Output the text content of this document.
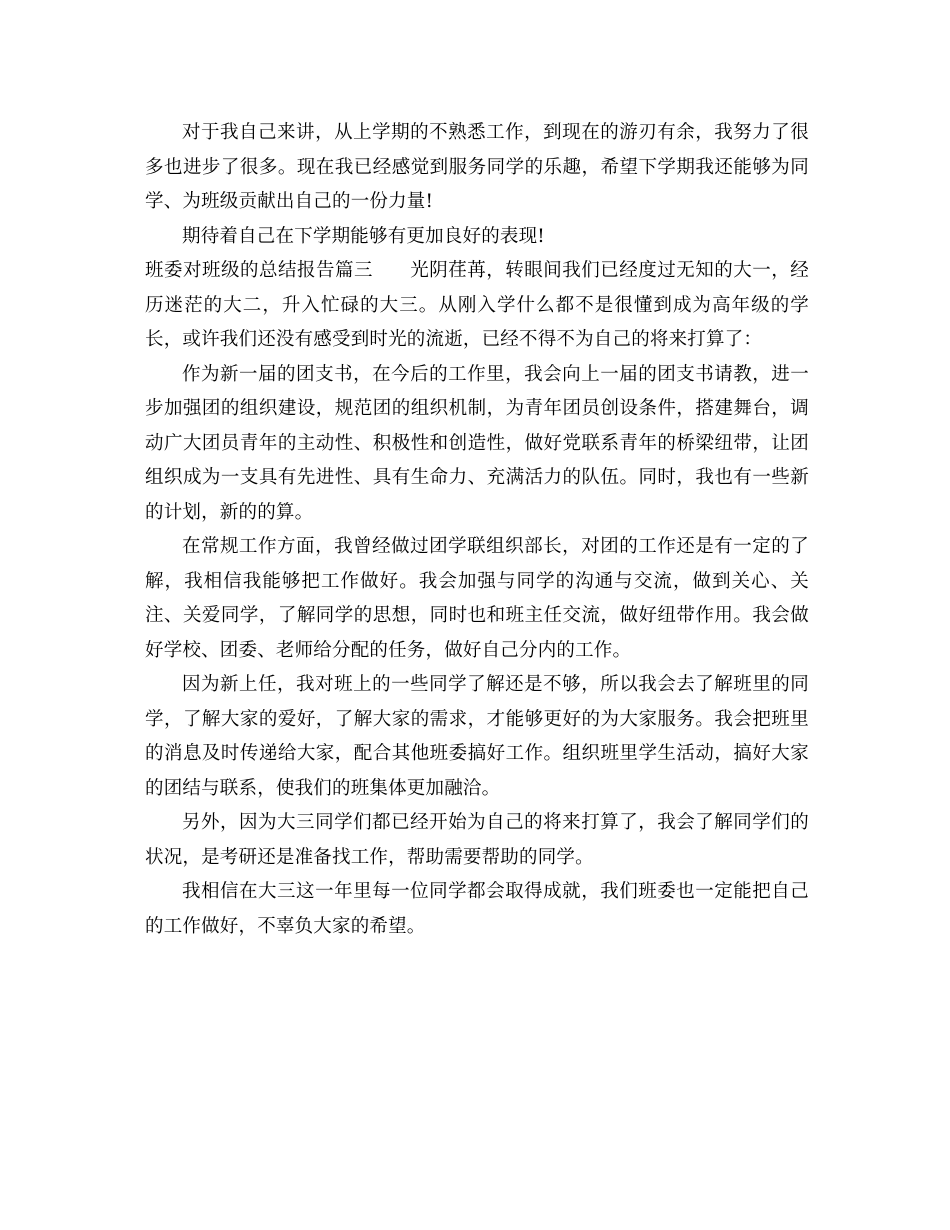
对于我自己来讲，从上学期的不熟悉工作，到现在的游刃有余，我努力了很多也进步了很多。现在我已经感觉到服务同学的乐趣，希望下学期我还能够为同学、为班级贡献出自己的一份力量!

期待着自己在下学期能够有更加良好的表现!

班委对班级的总结报告篇三 光阴荏苒，转眼间我们已经度过无知的大一，经历迷茫的大二，升入忙碌的大三。从刚入学什么都不是很懂到成为高年级的学长，或许我们还没有感受到时光的流逝，已经不得不为自己的将来打算了：

作为新一届的团支书，在今后的工作里，我会向上一届的团支书请教，进一步加强团的组织建设，规范团的组织机制，为青年团员创设条件，搭建舞台，调动广大团员青年的主动性、积极性和创造性，做好党联系青年的桥梁纽带，让团组织成为一支具有先进性、具有生命力、充满活力的队伍。同时，我也有一些新的计划，新的的算。

在常规工作方面，我曾经做过团学联组织部长，对团的工作还是有一定的了解，我相信我能够把工作做好。我会加强与同学的沟通与交流，做到关心、关注、关爱同学，了解同学的思想，同时也和班主任交流，做好纽带作用。我会做好学校、团委、老师给分配的任务，做好自己分内的工作。

因为新上任，我对班上的一些同学了解还是不够，所以我会去了解班里的同学，了解大家的爱好，了解大家的需求，才能够更好的为大家服务。我会把班里的消息及时传递给大家，配合其他班委搞好工作。组织班里学生活动，搞好大家的团结与联系，使我们的班集体更加融洽。

另外，因为大三同学们都已经开始为自己的将来打算了，我会了解同学们的状况，是考研还是准备找工作，帮助需要帮助的同学。

我相信在大三这一年里每一位同学都会取得成就，我们班委也一定能把自己的工作做好，不辜负大家的希望。
